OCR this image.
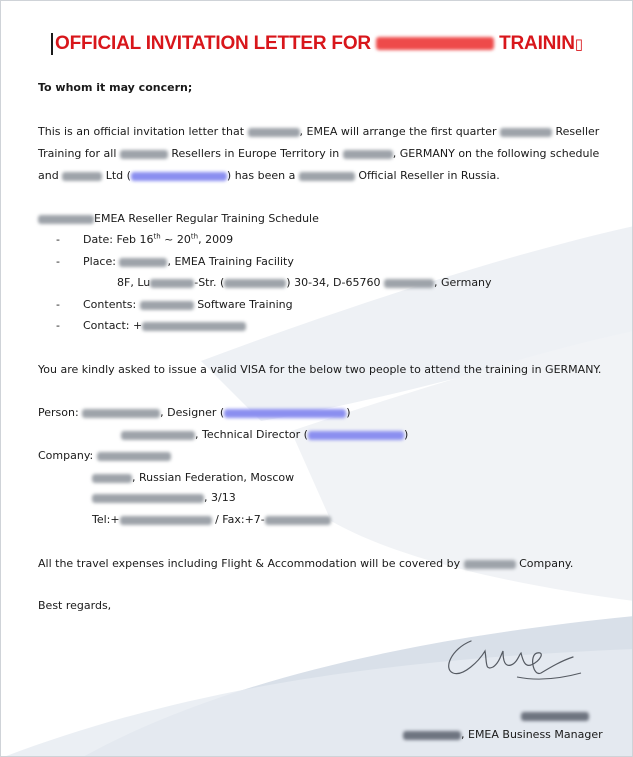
OFFICIAL INVITATION LETTER FOR	TRAININ▯
To whom it may concern;
This is an official invitation letter that	, EMEA will arrange the first quarter	Reseller Training for all	Resellers in Europe Territory in	, GERMANY on the following schedule and	Ltd (	) has been a	Official Reseller in Russia.
EMEA Reseller Regular Training Schedule
- Date: Feb 16th ~ 20th, 2009
- Place:	, EMEA Training Facility
8F, Lu	-Str. (	) 30-34, D-65760	, Germany
- Contents:	Software Training
- Contact: +
You are kindly asked to issue a valid VISA for the below two people to attend the training in GERMANY.
Person:	, Designer (	)
, Technical Director (	)
Company:
, Russian Federation, Moscow
, 3/13
Tel:+	/ Fax:+7-
All the travel expenses including Flight & Accommodation will be covered by	Company.
Best regards,
, EMEA Business Manager
